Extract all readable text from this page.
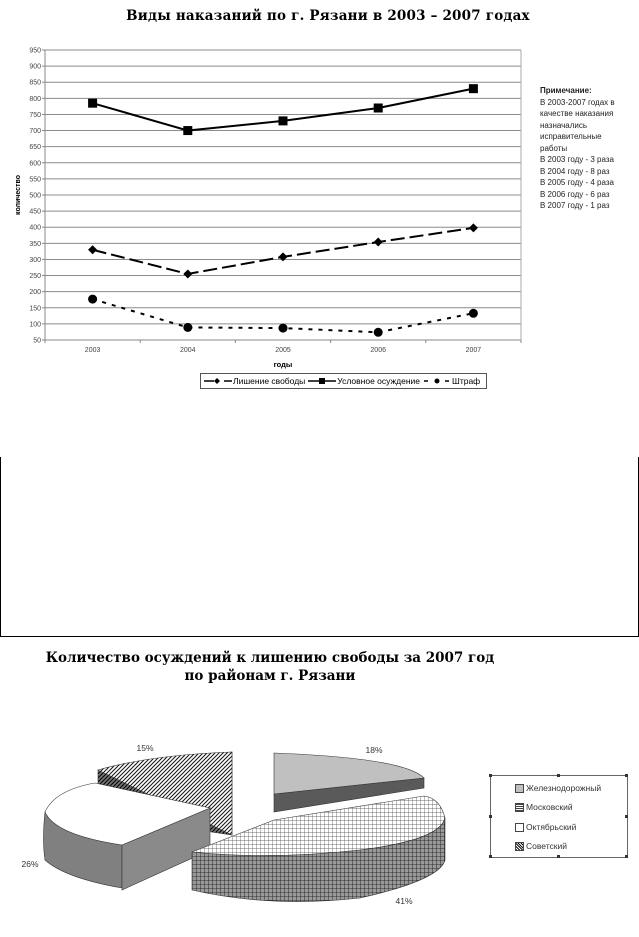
Виды наказаний по г. Рязани в 2003 – 2007 годах
50
100
150
200
250
300
350
400
450
500
550
600
650
700
750
800
850
900
950
2003	2004	2005	2006	2007
количество
годы
Примечание:
В 2003-2007 годах в
качестве наказания
назначались
исправительные
работы
В 2003 году - 3 раза
В 2004 году - 8 раз
В 2005 году - 4 раза
В 2006 году - 6 раз
В 2007 году - 1 раз
Лишение свободы	Условное осуждение	Штраф
Количество осуждений к лишению свободы за 2007 год
по районам г. Рязани
15%	18%
26%
41%
Железнодорожный
Московский
Октябрьский
Советский
